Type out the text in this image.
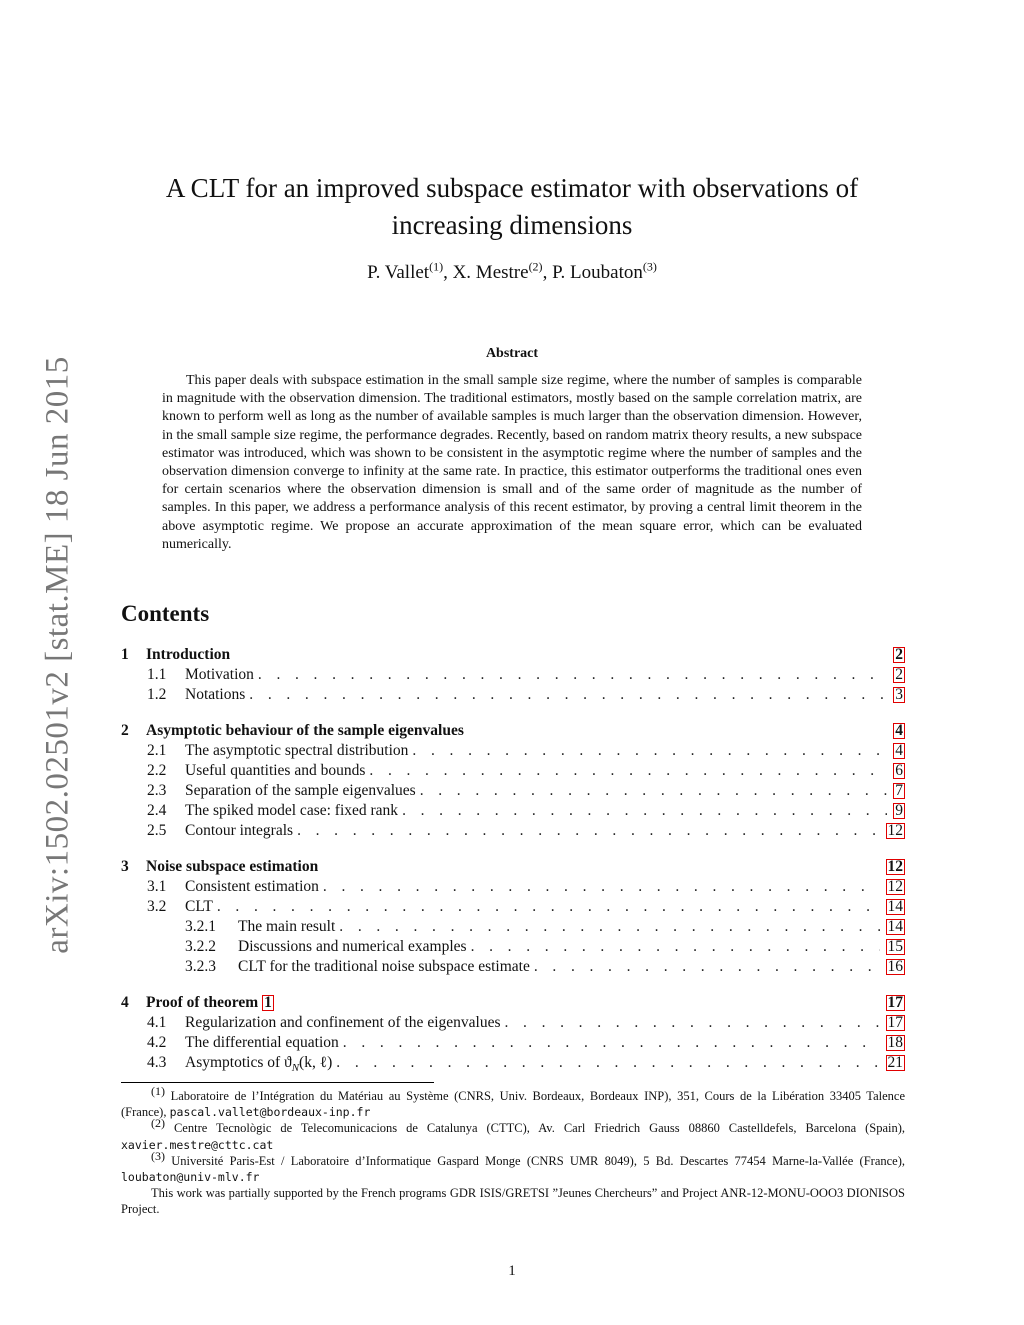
arXiv:1502.02501v2 [stat.ME] 18 Jun 2015
A CLT for an improved subspace estimator with observations of
increasing dimensions
P. Vallet$^{(1)}$, X. Mestre$^{(2)}$, P. Loubaton$^{(3)}$
Abstract

This paper deals with subspace estimation in the small sample size regime, where the number of samples is comparable in magnitude with the observation dimension. The traditional estimators, mostly based on the sample correlation matrix, are known to perform well as long as the number of available samples is much larger than the observation dimension. However, in the small sample size regime, the performance degrades. Recently, based on random matrix theory results, a new subspace estimator was introduced, which was shown to be consistent in the asymptotic regime where the number of samples and the observation dimension converge to infinity at the same rate. In practice, this estimator outperforms the traditional ones even for certain scenarios where the observation dimension is small and of the same order of magnitude as the number of samples. In this paper, we address a performance analysis of this recent estimator, by proving a central limit theorem in the above asymptotic regime. We propose an accurate approximation of the mean square error, which can be evaluated numerically.

Contents
1	Introduction	2
1.1	Motivation . . .	2
1.2	Notations . . .	3
2	Asymptotic behaviour of the sample eigenvalues	4
2.1	The asymptotic spectral distribution . . .	4
2.2	Useful quantities and bounds . . .	6
2.3	Separation of the sample eigenvalues . . .	7
2.4	The spiked model case: fixed rank . . .	9
2.5	Contour integrals . . .	12
3	Noise subspace estimation	12
3.1	Consistent estimation . . .	12
3.2	CLT . . .	14
3.2.1	The main result . . .	14
3.2.2	Discussions and numerical examples . . .	15
3.2.3	CLT for the traditional noise subspace estimate . . .	16
4	Proof of theorem 1	17
4.1	Regularization and confinement of the eigenvalues . . .	17
4.2	The differential equation . . .	18
4.3	Asymptotics of $ϑ_N(k$, ℓ) . . .	21

$^{(1)}$ Laboratoire de l’Intégration du Matériau au Système (CNRS, Univ. Bordeaux, Bordeaux INP), 351, Cours de la Libération 33405 Talence (France), pascal.vallet@bordeaux-inp.fr

$^{(2)}$ Centre Tecnològic de Telecomunicacions de Catalunya (CTTC), Av. Carl Friedrich Gauss 08860 Castelldefels, Barcelona (Spain), xavier.mestre@cttc.cat

$^{(3)}$ Université Paris-Est / Laboratoire d’Informatique Gaspard Monge (CNRS UMR 8049), 5 Bd. Descartes 77454 Marne-la-Vallée (France), loubaton@univ-mlv.fr

This work was partially supported by the French programs GDR ISIS/GRETSI ”Jeunes Chercheurs” and Project ANR-12-MONU-OOO3 DIONISOS Project.

1
